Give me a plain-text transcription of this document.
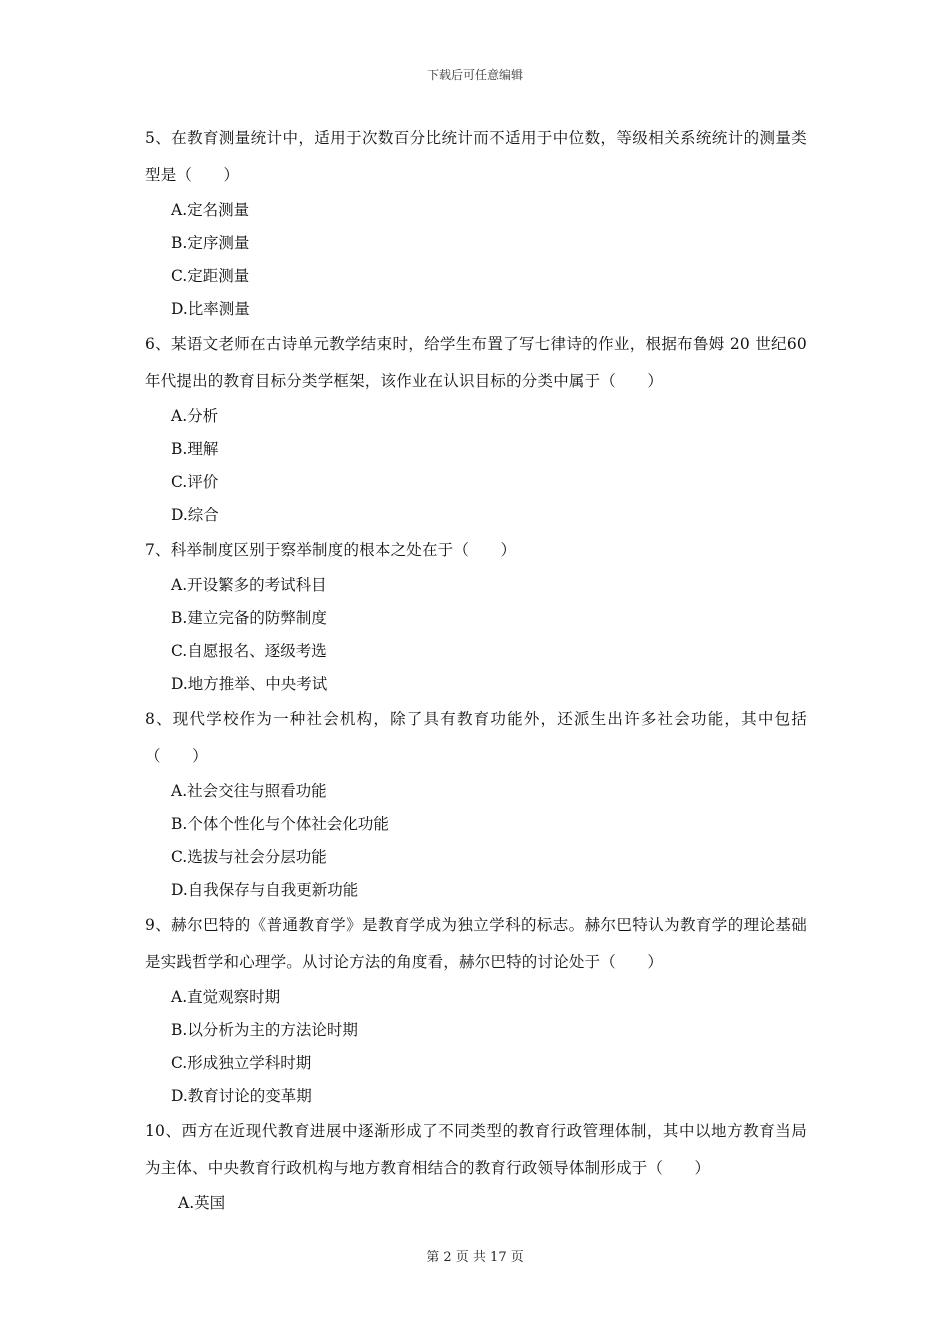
下载后可任意编辑

5、在教育测量统计中，适用于次数百分比统计而不适用于中位数，等级相关系统统计的测量类型是（　　）

A.定名测量
B.定序测量
C.定距测量
D.比率测量

6、某语文老师在古诗单元教学结束时，给学生布置了写七律诗的作业，根据布鲁姆 20 世纪60年代提出的教育目标分类学框架，该作业在认识目标的分类中属于（　　）

A.分析
B.理解
C.评价
D.综合

7、科举制度区别于察举制度的根本之处在于（　　）

A.开设繁多的考试科目
B.建立完备的防弊制度
C.自愿报名、逐级考选
D.地方推举、中央考试

8、现代学校作为一种社会机构，除了具有教育功能外，还派生出许多社会功能，其中包括（　　）

A.社会交往与照看功能
B.个体个性化与个体社会化功能
C.选拔与社会分层功能
D.自我保存与自我更新功能

9、赫尔巴特的《普通教育学》是教育学成为独立学科的标志。赫尔巴特认为教育学的理论基础是实践哲学和心理学。从讨论方法的角度看，赫尔巴特的讨论处于（　　）

A.直觉观察时期
B.以分析为主的方法论时期
C.形成独立学科时期
D.教育讨论的变革期

10、西方在近现代教育进展中逐渐形成了不同类型的教育行政管理体制，其中以地方教育当局为主体、中央教育行政机构与地方教育相结合的教育行政领导体制形成于（　　）

A.英国
第 2 页 共 17 页
